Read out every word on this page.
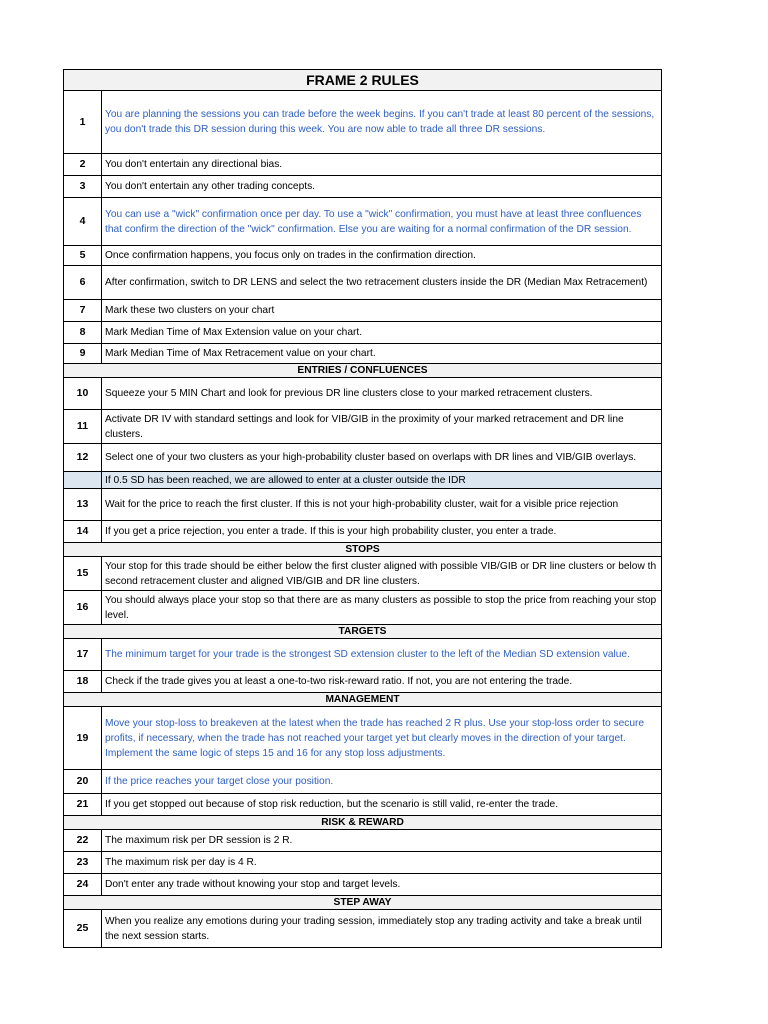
FRAME 2 RULES	
1	You are planning the sessions you can trade before the week begins. If you can't trade at least 80 percent of the sessions, you don't trade this DR session during this week. You are now able to trade all three DR sessions.
2	You don't entertain any directional bias.
3	You don't entertain any other trading concepts.
4	You can use a "wick" confirmation once per day. To use a "wick" confirmation, you must have at least three confluences that confirm the direction of the "wick" confirmation. Else you are waiting for a normal confirmation of the DR session.
5	Once confirmation happens, you focus only on trades in the confirmation direction.
6	After confirmation, switch to DR LENS and select the two retracement clusters inside the DR (Median Max Retracement)
7	Mark these two clusters on your chart
8	Mark Median Time of Max Extension value on your chart.
9	Mark Median Time of Max Retracement value on your chart.
ENTRIES / CONFLUENCES	
10	Squeeze your 5 MIN Chart and look for previous DR line clusters close to your marked retracement clusters.
11	Activate DR IV with standard settings and look for VIB/GIB in the proximity of your marked retracement and DR line clusters.
12	Select one of your two clusters as your high-probability cluster based on overlaps with DR lines and VIB/GIB overlays.
	If 0.5 SD has been reached, we are allowed to enter at a cluster outside the IDR
13	Wait for the price to reach the first cluster. If this is not your high-probability cluster, wait for a visible price rejection
14	If you get a price rejection, you enter a trade. If this is your high probability cluster, you enter a trade.
STOPS	
15	Your stop for this trade should be either below the first cluster aligned with possible VIB/GIB or DR line clusters or below th second retracement cluster and aligned VIB/GIB and DR line clusters.
16	You should always place your stop so that there are as many clusters as possible to stop the price from reaching your stop level.
TARGETS	
17	The minimum target for your trade is the strongest SD extension cluster to the left of the Median SD extension value.
18	Check if the trade gives you at least a one-to-two risk-reward ratio. If not, you are not entering the trade.
MANAGEMENT	
19	Move your stop-loss to breakeven at the latest when the trade has reached 2 R plus. Use your stop-loss order to secure profits, if necessary, when the trade has not reached your target yet but clearly moves in the direction of your target. Implement the same logic of steps 15 and 16 for any stop loss adjustments.
20	If the price reaches your target close your position.
21	If you get stopped out because of stop risk reduction, but the scenario is still valid, re-enter the trade.
RISK & REWARD	
22	The maximum risk per DR session is 2 R.
23	The maximum risk per day is 4 R.
24	Don't enter any trade without knowing your stop and target levels.
STEP AWAY	
25	When you realize any emotions during your trading session, immediately stop any trading activity and take a break until the next session starts.
